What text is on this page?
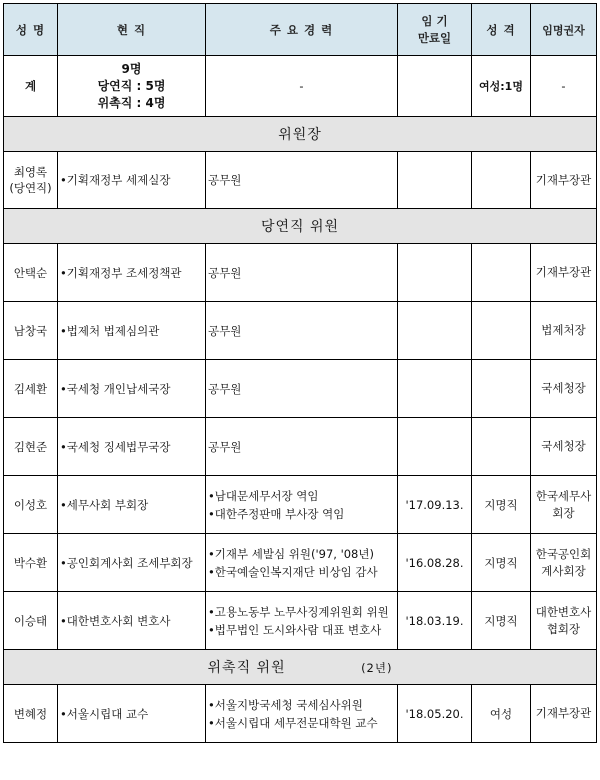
성 명	현 직	주 요 경 력	임 기
만료일	성 격	임명권자
계	9명
당연직 : 5명
위촉직 : 4명	-		여성:1명	-
위원장					

최영록
(당연직)	• 기획재정부 세제실장	공무원			기재부장관
당연직 위원					
안택순	• 기획재정부 조세정책관	공무원			기재부장관
남창국	• 법제처 법제심의관	공무원			법제처장
김세환	• 국세청 개인납세국장	공무원			국세청장
김현준	• 국세청 징세법무국장	공무원			국세청장
이성호	• 세무사회 부회장	• 남대문세무서장 역임
• 대한주정판매 부사장 역임	'17.09.13.	지명직	한국세무사회장
박수환	• 공인회계사회 조세부회장	• 기재부 세발심 위원('97, '08년)
• 한국예술인복지재단 비상임 감사	'16.08.28.	지명직	한국공인회계사회장
이승태	• 대한변호사회 변호사	• 고용노동부 노무사징계위원회 위원
• 법무법인 도시와사람 대표 변호사	'18.03.19.	지명직	대한변호사협회장
위촉직 위원 (2년)					
변혜정	• 서울시립대 교수	• 서울지방국세청 국세심사위원
• 서울시립대 세무전문대학원 교수	'18.05.20.	여성	기재부장관
